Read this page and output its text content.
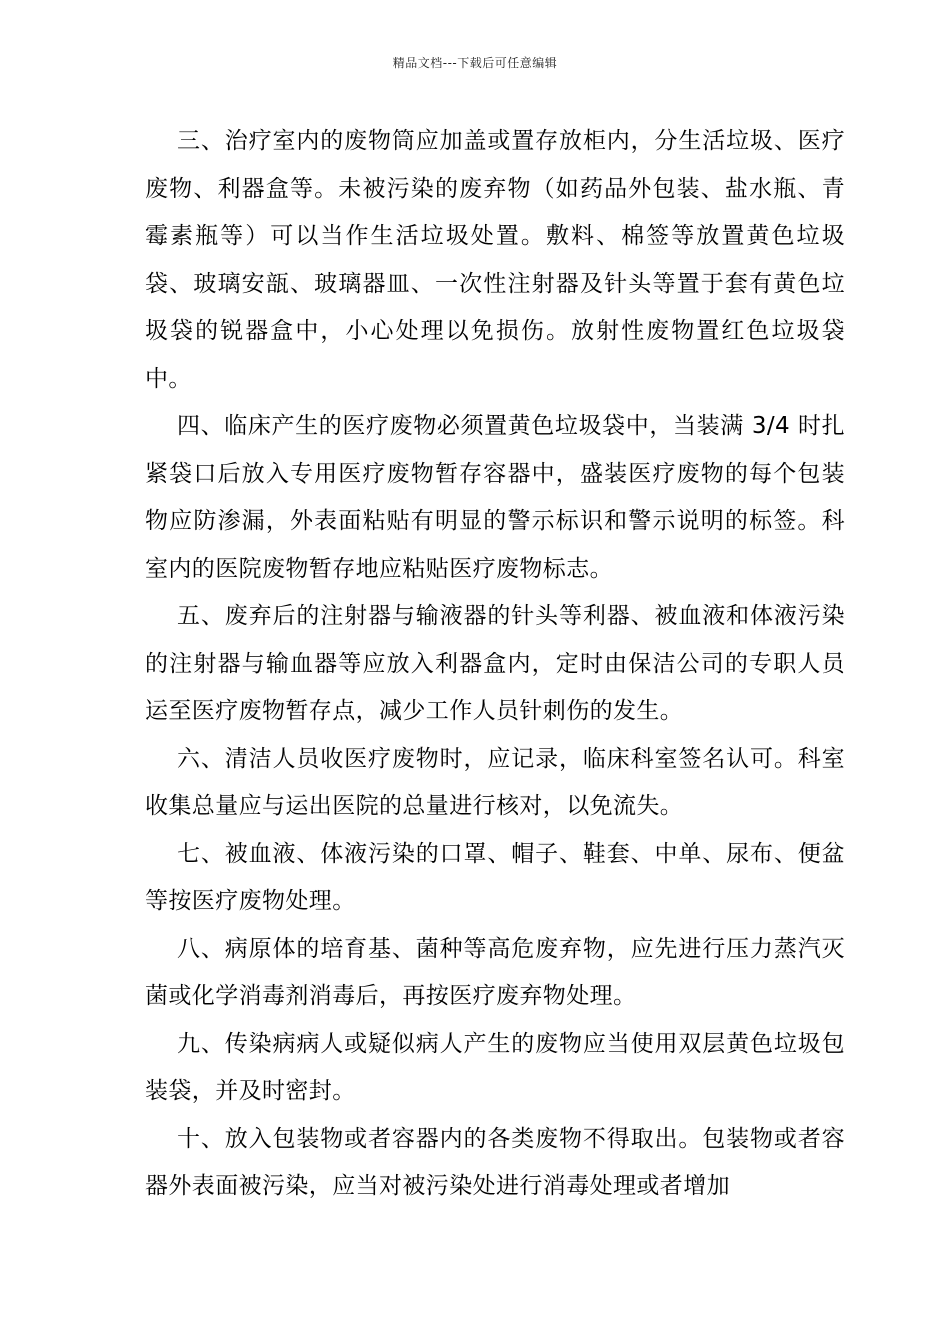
精品文档---下载后可任意编辑

三、治疗室内的废物筒应加盖或置存放柜内，分生活垃圾、医疗废物、利器盒等。未被污染的废弃物（如药品外包装、盐水瓶、青霉素瓶等）可以当作生活垃圾处置。敷料、棉签等放置黄色垃圾袋、玻璃安瓿、玻璃器皿、一次性注射器及针头等置于套有黄色垃圾袋的锐器盒中，小心处理以免损伤。放射性废物置红色垃圾袋中。

四、临床产生的医疗废物必须置黄色垃圾袋中，当装满 3/4 时扎紧袋口后放入专用医疗废物暂存容器中，盛装医疗废物的每个包装物应防渗漏，外表面粘贴有明显的警示标识和警示说明的标签。科室内的医院废物暂存地应粘贴医疗废物标志。

五、废弃后的注射器与输液器的针头等利器、被血液和体液污染的注射器与输血器等应放入利器盒内，定时由保洁公司的专职人员运至医疗废物暂存点，减少工作人员针刺伤的发生。

六、清洁人员收医疗废物时，应记录，临床科室签名认可。科室收集总量应与运出医院的总量进行核对，以免流失。

七、被血液、体液污染的口罩、帽子、鞋套、中单、尿布、便盆等按医疗废物处理。

八、病原体的培育基、菌种等高危废弃物，应先进行压力蒸汽灭菌或化学消毒剂消毒后，再按医疗废弃物处理。

九、传染病病人或疑似病人产生的废物应当使用双层黄色垃圾包装袋，并及时密封。

十、放入包装物或者容器内的各类废物不得取出。包装物或者容器外表面被污染，应当对被污染处进行消毒处理或者增加
